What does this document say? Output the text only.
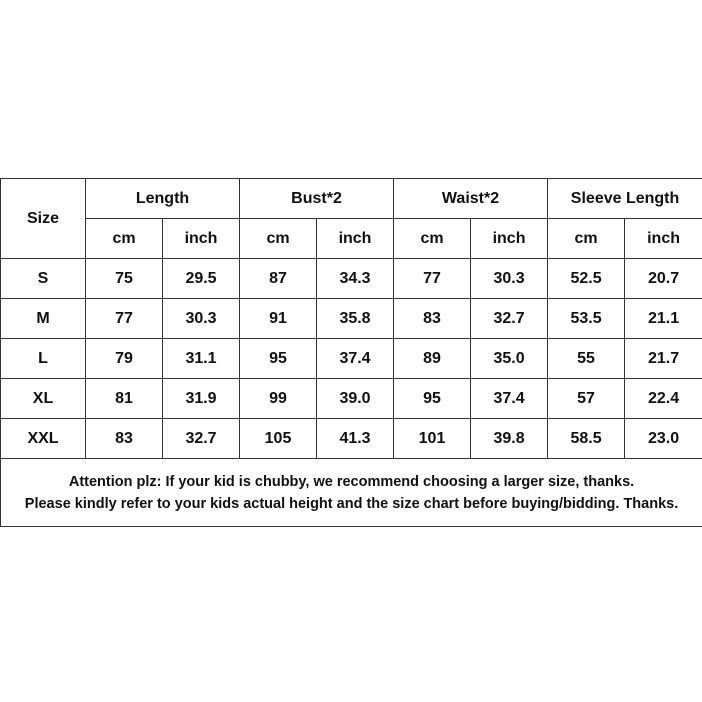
Size	Length		Bust*2		Waist*2		Sleeve Length	
	cm	inch	cm	inch	cm	inch	cm	inch
S	75	29.5	87	34.3	77	30.3	52.5	20.7
M	77	30.3	91	35.8	83	32.7	53.5	21.1
L	79	31.1	95	37.4	89	35.0	55	21.7
XL	81	31.9	99	39.0	95	37.4	57	22.4
XXL	83	32.7	105	41.3	101	39.8	58.5	23.0

Attention plz: If your kid is chubby, we recommend choosing a larger size, thanks.
Please kindly refer to your kids actual height and the size chart before buying/bidding. Thanks.								
